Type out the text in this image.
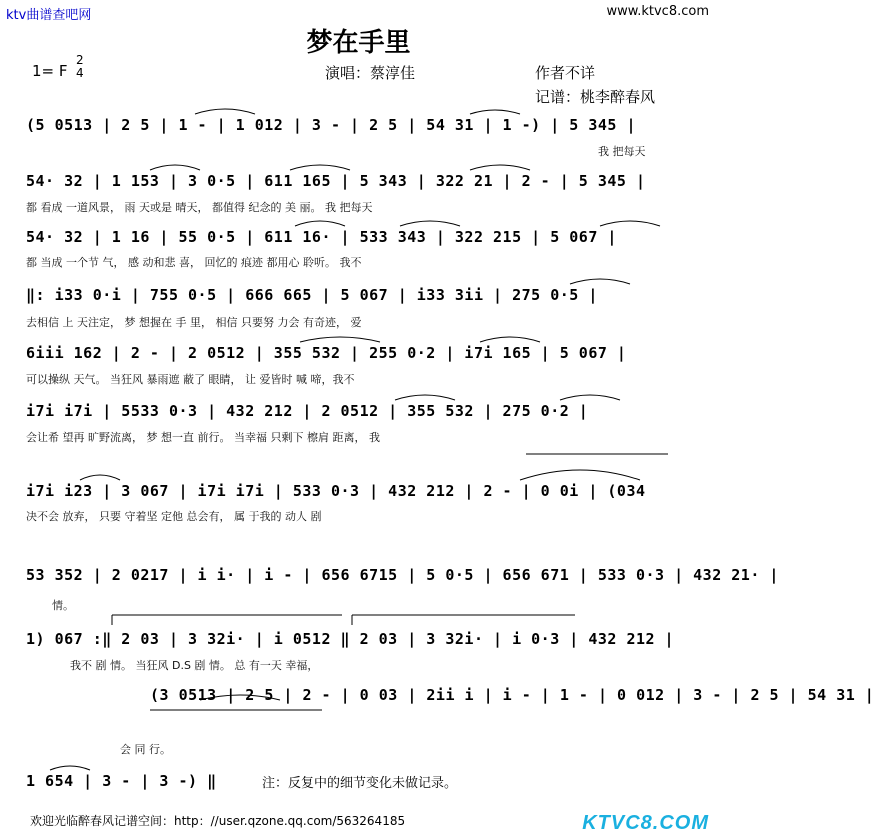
ktv曲谱查吧网	www.ktvc8.com
梦在手里
1= F
2
4	演唱：蔡淳佳	作者不详
记谱：桃李醉春风
(5 0513 | 2 5 | 1 - | 1 012 | 3 - | 2 5 | 54 31 | 1 -) | 5 345 |
我 把每天
54· 32 | 1 153 | 3 0·5 | 611 165 | 5 343 | 322 21 | 2 - | 5 345 |
都 看成 一道风景， 雨 天或是 晴天， 都值得 纪念的 美 丽。 我 把每天
54· 32 | 1 16 | 55 0·5 | 611 16· | 533 343 | 322 215 | 5 067 |
都 当成 一个节 气， 感 动和悲 喜， 回忆的 痕迹 都用心 聆听。 我不
‖: i33 0·i | 755 0·5 | 666 665 | 5 067 | i33 3ii | 275 0·5 |
去相信 上 天注定， 梦 想握在 手 里， 相信 只要努 力会 有奇迹， 爱
6iii 162 | 2 - | 2 0512 | 355 532 | 255 0·2 | i7i 165 | 5 067 |
可以操纵 天气。 当狂风 暴雨遮 蔽了 眼睛， 让 爱皆时 喊 啼，我不
i7i i7i | 5533 0·3 | 432 212 | 2 0512 | 355 532 | 275 0·2 |
会让希 望再 旷野流离， 梦 想一直 前行。 当幸福 只剩下 檫肩 距离， 我
i7i i23 | 3 067 | i7i i7i | 533 0·3 | 432 212 | 2 - | 0 0i | (034
决不会 放弃， 只要 守着坚 定他 总会有， 属 于我的 动人 剧
53 352 | 2 0217 | i i· | i - | 656 6715 | 5 0·5 | 656 671 | 533 0·3 | 432 21· |
情。
1) 067 :‖ 2 03 | 3 32i· | i 0512 ‖ 2 03 | 3 32i· | i 0·3 | 432 212 |
我不 剧 情。 当狂风 D.S 剧 情。 总 有一天 幸福，
(3 0513 | 2 5 | 2 - | 0 03 | 2ii i | i - | 1 - | 0 012 | 3 - | 2 5 | 54 31 |
会 同 行。
1 654 | 3 - | 3 -) ‖	注：反复中的细节变化未做记录。
欢迎光临醉春风记谱空间：http：//user.qzone.qq.com/563264185	KTVC8.COM
